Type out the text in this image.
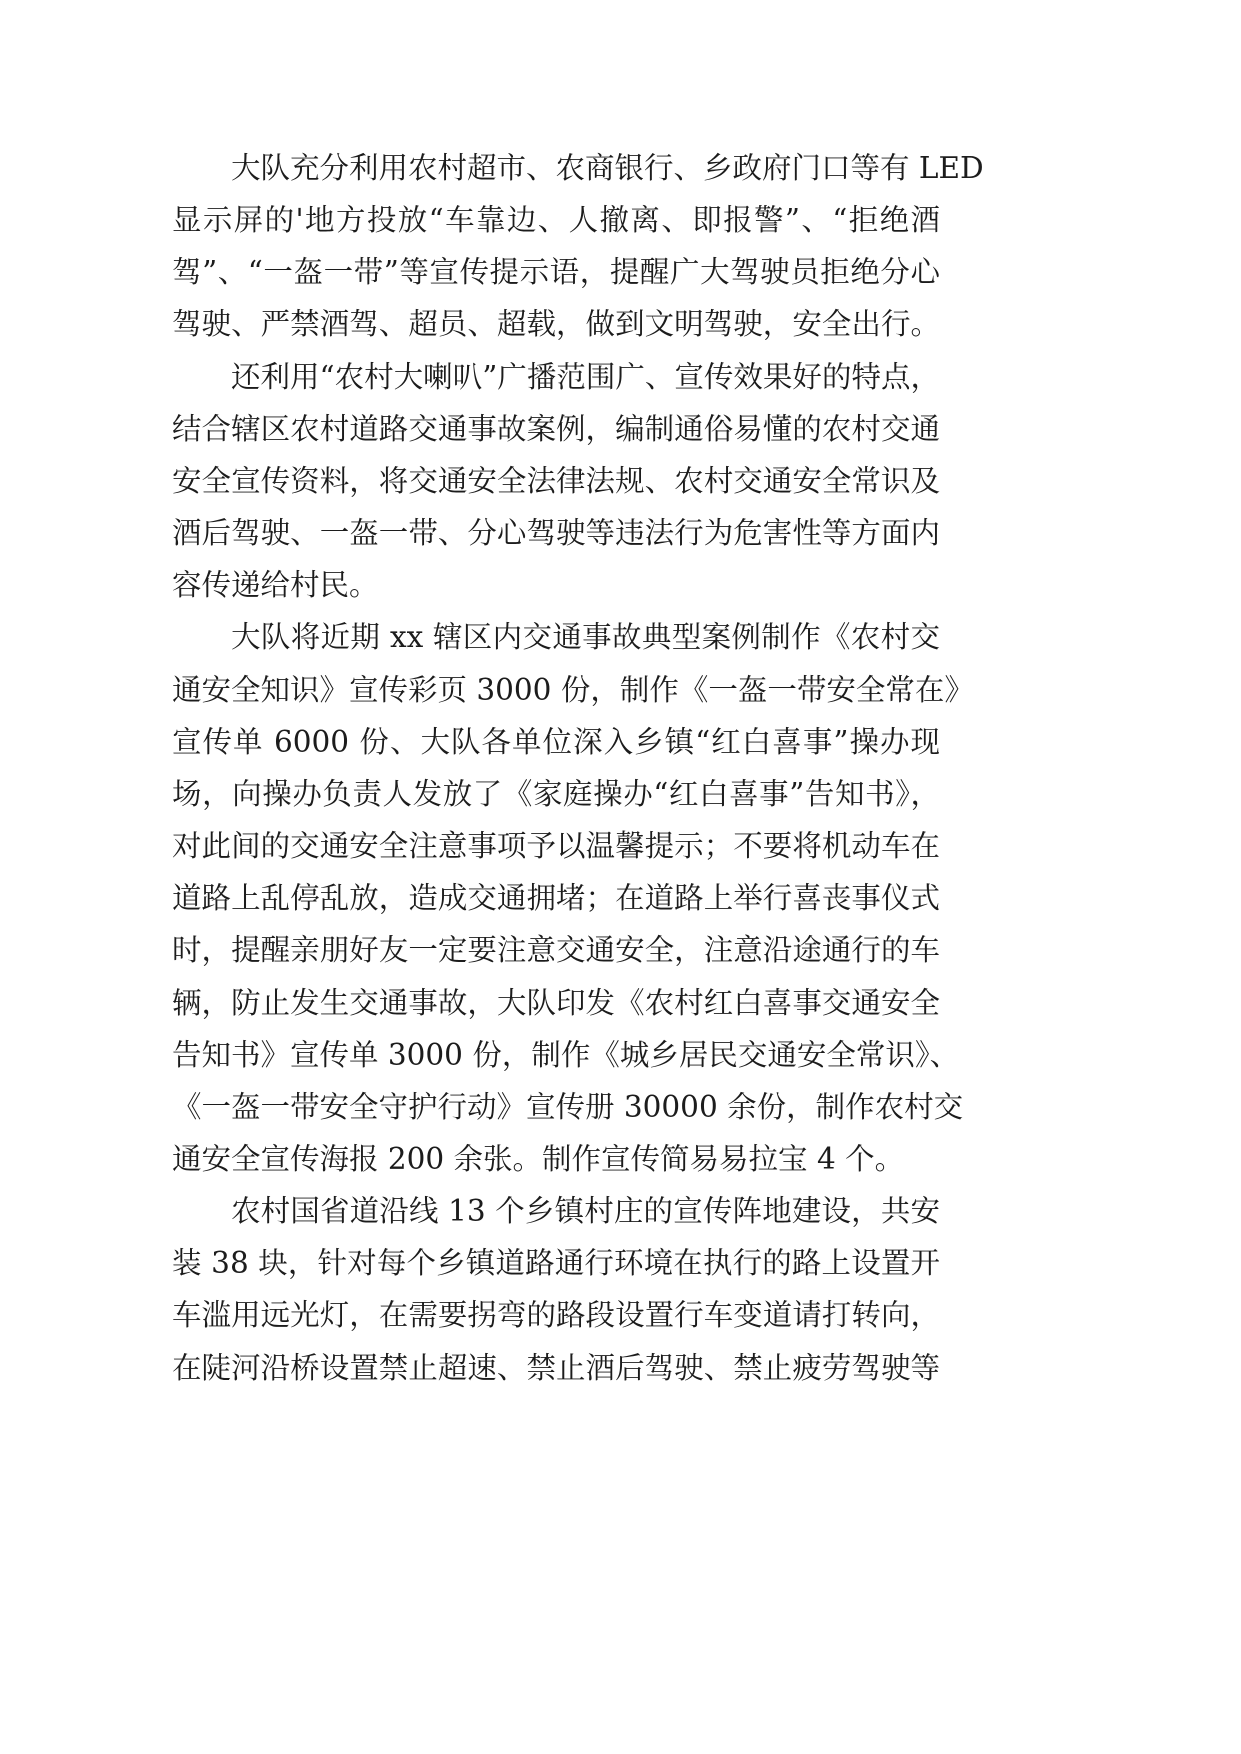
大队充分利用农村超市、农商银行、乡政府门口等有 LED
显示屏的'地方投放“车靠边、人撤离、即报警”、“拒绝酒
驾”、“一盔一带”等宣传提示语，提醒广大驾驶员拒绝分心
驾驶、严禁酒驾、超员、超载，做到文明驾驶，安全出行。
还利用“农村大喇叭”广播范围广、宣传效果好的特点，
结合辖区农村道路交通事故案例，编制通俗易懂的农村交通
安全宣传资料，将交通安全法律法规、农村交通安全常识及
酒后驾驶、一盔一带、分心驾驶等违法行为危害性等方面内
容传递给村民。
大队将近期 xx 辖区内交通事故典型案例制作《农村交
通安全知识》宣传彩页 3000 份，制作《一盔一带安全常在》
宣传单 6000 份、大队各单位深入乡镇“红白喜事”操办现
场，向操办负责人发放了《家庭操办“红白喜事”告知书》，
对此间的交通安全注意事项予以温馨提示；不要将机动车在
道路上乱停乱放，造成交通拥堵；在道路上举行喜丧事仪式
时，提醒亲朋好友一定要注意交通安全，注意沿途通行的车
辆，防止发生交通事故，大队印发《农村红白喜事交通安全
告知书》宣传单 3000 份，制作《城乡居民交通安全常识》、
《一盔一带安全守护行动》宣传册 30000 余份，制作农村交
通安全宣传海报 200 余张。制作宣传简易易拉宝 4 个。
农村国省道沿线 13 个乡镇村庄的宣传阵地建设，共安
装 38 块，针对每个乡镇道路通行环境在执行的路上设置开
车滥用远光灯，在需要拐弯的路段设置行车变道请打转向，
在陡河沿桥设置禁止超速、禁止酒后驾驶、禁止疲劳驾驶等
